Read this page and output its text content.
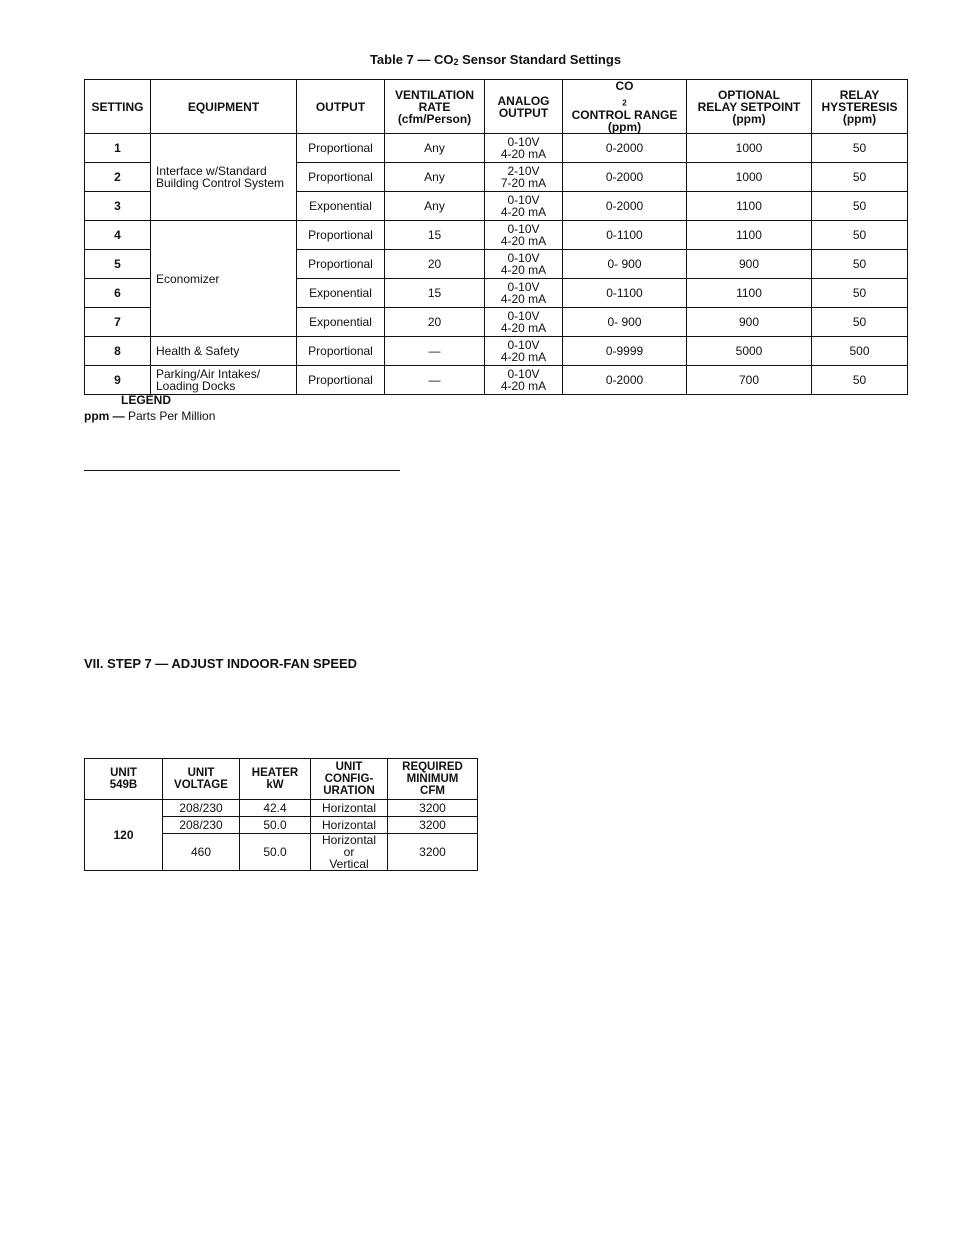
Table 7 — $CO_2$ Sensor Standard Settings
SETTING	EQUIPMENT	OUTPUT	VENTILATION
RATE
(cfm/Person)	ANALOG
OUTPUT	CO
$_2$
CONTROL RANGE
(ppm)	OPTIONAL
RELAY SETPOINT
(ppm)	RELAY
HYSTERESIS
(ppm)

1	Interface w/Standard
Building Control System	Proportional	Any	0-10V
4-20 mA	0-2000	1000	50
2		Proportional	Any	2-10V
7-20 mA	0-2000	1000	50
3		Exponential	Any	0-10V
4-20 mA	0-2000	1100	50
4	Economizer	Proportional	15	0-10V
4-20 mA	0-1100	1100	50
5		Proportional	20	0-10V
4-20 mA	0- 900	900	50
6		Exponential	15	0-10V
4-20 mA	0-1100	1100	50
7		Exponential	20	0-10V
4-20 mA	0- 900	900	50
8	Health & Safety	Proportional	—	0-10V
4-20 mA	0-9999	5000	500
9	Parking/Air Intakes/
Loading Docks	Proportional	—	0-10V
4-20 mA	0-2000	700	50
LEGEND
ppm — Parts Per Million
VII. STEP 7 — ADJUST INDOOR-FAN SPEED
UNIT
549B	UNIT
VOLTAGE	HEATER
kW	UNIT
CONFIG-
URATION	REQUIRED
MINIMUM
CFM

120	208/230	42.4	Horizontal	3200
	208/230	50.0	Horizontal	3200
	460	50.0	Horizontal
or
Vertical	3200
